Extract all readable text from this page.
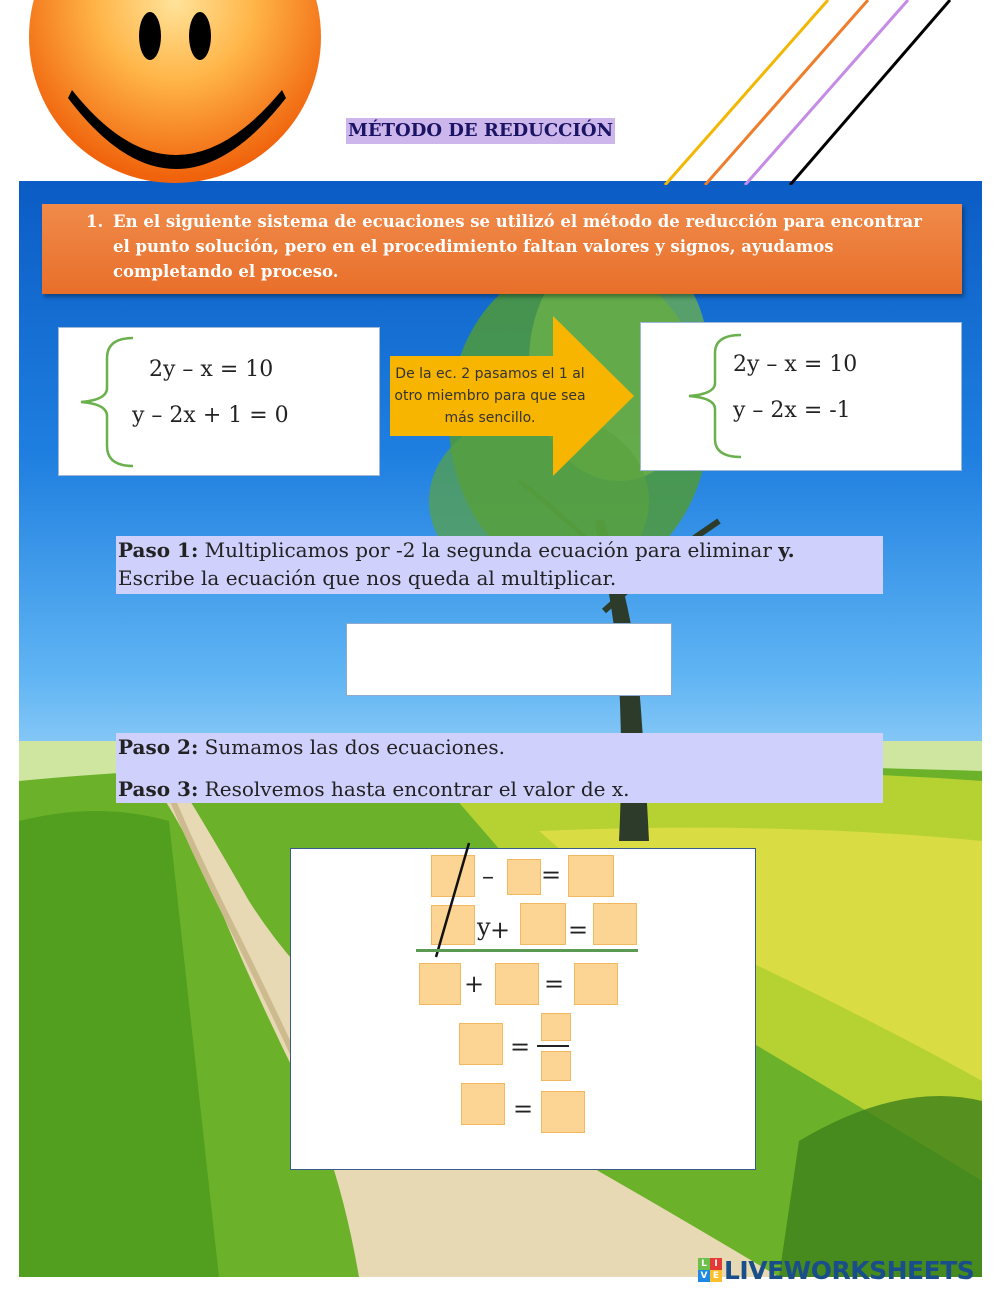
MÉTODO DE REDUCCIÓN
1. En el siguiente sistema de ecuaciones se utilizó el método de reducción para encontrar el punto solución, pero en el procedimiento faltan valores y signos, ayudamos completando el proceso.
2y – x = 10
y – 2x + 1 = 0
De la ec. 2 pasamos el 1 al otro miembro para que sea más sencillo.
2y – x = 10
y – 2x = -1
Paso 1: Multiplicamos por -2 la segunda ecuación para eliminar y.
Escribe la ecuación que nos queda al multiplicar.
Paso 2: Sumamos las dos ecuaciones.
Paso 3: Resolvemos hasta encontrar el valor de x.
– =
y + =
+ =
=
=
L I
V E LIVEWORKSHEETS
